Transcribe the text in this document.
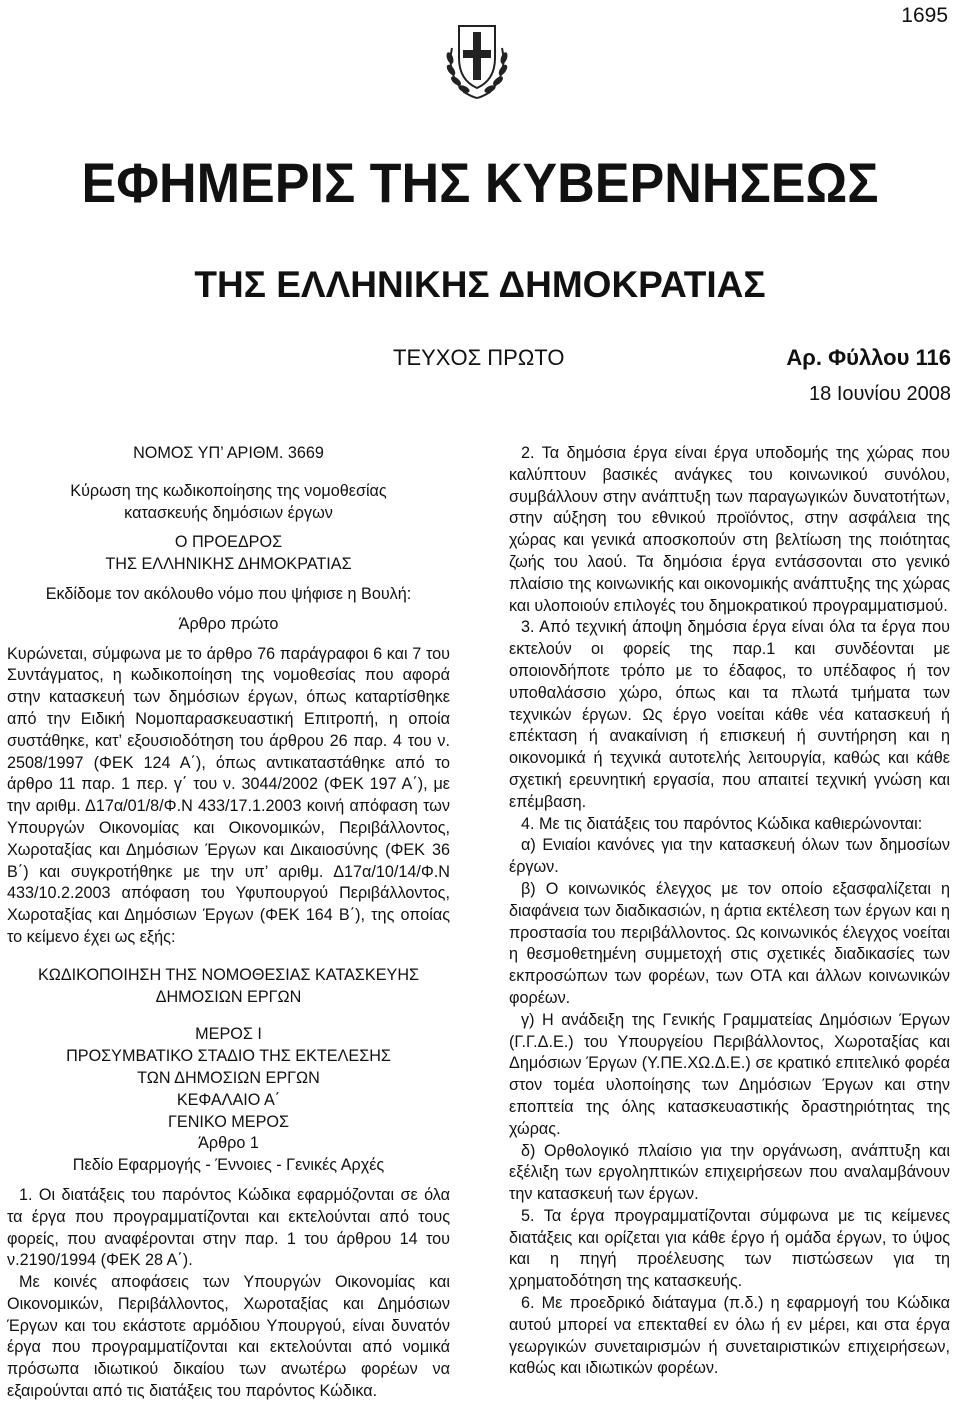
1695
ΕΦΗΜΕΡΙΣ ΤΗΣ ΚΥΒΕΡΝΗΣΕΩΣ
ΤΗΣ ΕΛΛΗΝΙΚΗΣ ΔΗΜΟΚΡΑΤΙΑΣ
ΤΕΥΧΟΣ ΠΡΩΤΟ	Αρ. Φύλλου 116
18 Ιουνίου 2008

ΝΟΜΟΣ ΥΠ’ ΑΡΙΘΜ. 3669

Κύρωση της κωδικοποίησης της νομοθεσίας κατασκευής δημόσιων έργων

Ο ΠΡΟΕΔΡΟΣ

ΤΗΣ ΕΛΛΗΝΙΚΗΣ ΔΗΜΟΚΡΑΤΙΑΣ

Εκδίδομε τον ακόλουθο νόμο που ψήφισε η Βουλή:

Άρθρο πρώτο

Κυρώνεται, σύμφωνα με το άρθρο 76 παράγραφοι 6 και 7 του Συντάγματος, η κωδικοποίηση της νομοθεσίας που αφορά στην κατασκευή των δημόσιων έργων, όπως καταρτίσθηκε από την Ειδική Νομοπαρασκευαστική Επιτροπή, η οποία συστάθηκε, κατ’ εξουσιοδότηση του άρθρου 26 παρ. 4 του ν. 2508/1997 (ΦΕΚ 124 Α΄), όπως αντικαταστάθηκε από το άρθρο 11 παρ. 1 περ. γ΄ του ν. 3044/2002 (ΦΕΚ 197 Α΄), με την αριθμ. Δ17α/01/8/Φ.Ν 433/17.1.2003 κοινή απόφαση των Υπουργών Οικονομίας και Οικονομικών, Περιβάλλοντος, Χωροταξίας και Δημόσιων Έργων και Δικαιοσύνης (ΦΕΚ 36 Β΄) και συγκροτήθηκε με την υπ’ αριθμ. Δ17α/10/14/Φ.Ν 433/10.2.2003 απόφαση του Υφυπουργού Περιβάλλοντος, Χωροταξίας και Δημόσιων Έργων (ΦΕΚ 164 Β΄), της οποίας το κείμενο έχει ως εξής:

ΚΩΔΙΚΟΠΟΙΗΣΗ ΤΗΣ ΝΟΜΟΘΕΣΙΑΣ ΚΑΤΑΣΚΕΥΗΣ

ΔΗΜΟΣΙΩΝ ΕΡΓΩΝ

ΜΕΡΟΣ Ι

ΠΡΟΣΥΜΒΑΤΙΚΟ ΣΤΑΔΙΟ ΤΗΣ ΕΚΤΕΛΕΣΗΣ

ΤΩΝ ΔΗΜΟΣΙΩΝ ΕΡΓΩΝ

ΚΕΦΑΛΑΙΟ Α΄

ΓΕΝΙΚΟ ΜΕΡΟΣ

Άρθρο 1

Πεδίο Εφαρμογής - Έννοιες - Γενικές Αρχές

1. Οι διατάξεις του παρόντος Κώδικα εφαρμόζονται σε όλα τα έργα που προγραμματίζονται και εκτελούνται από τους φορείς, που αναφέρονται στην παρ. 1 του άρθρου 14 του ν.2190/1994 (ΦΕΚ 28 Α΄).

Με κοινές αποφάσεις των Υπουργών Οικονομίας και Οικονομικών, Περιβάλλοντος, Χωροταξίας και Δημόσιων Έργων και του εκάστοτε αρμόδιου Υπουργού, είναι δυνατόν έργα που προγραμματίζονται και εκτελούνται από νομικά πρόσωπα ιδιωτικού δικαίου των ανωτέρω φορέων να εξαιρούνται από τις διατάξεις του παρόντος Κώδικα.

2. Τα δημόσια έργα είναι έργα υποδομής της χώρας που καλύπτουν βασικές ανάγκες του κοινωνικού συνόλου, συμβάλλουν στην ανάπτυξη των παραγωγικών δυνατοτήτων, στην αύξηση του εθνικού προϊόντος, στην ασφάλεια της χώρας και γενικά αποσκοπούν στη βελτίωση της ποιότητας ζωής του λαού. Τα δημόσια έργα εντάσσονται στο γενικό πλαίσιο της κοινωνικής και οικονομικής ανάπτυξης της χώρας και υλοποιούν επιλογές του δημοκρατικού προγραμματισμού.

3. Από τεχνική άποψη δημόσια έργα είναι όλα τα έργα που εκτελούν οι φορείς της παρ.1 και συνδέονται με οποιονδήποτε τρόπο με το έδαφος, το υπέδαφος ή τον υποθαλάσσιο χώρο, όπως και τα πλωτά τμήματα των τεχνικών έργων. Ως έργο νοείται κάθε νέα κατασκευή ή επέκταση ή ανακαίνιση ή επισκευή ή συντήρηση και η οικονομικά ή τεχνικά αυτοτελής λειτουργία, καθώς και κάθε σχετική ερευνητική εργασία, που απαιτεί τεχνική γνώση και επέμβαση.

4. Με τις διατάξεις του παρόντος Κώδικα καθιερώνονται:

α) Ενιαίοι κανόνες για την κατασκευή όλων των δημοσίων έργων.

β) Ο κοινωνικός έλεγχος με τον οποίο εξασφαλίζεται η διαφάνεια των διαδικασιών, η άρτια εκτέλεση των έργων και η προστασία του περιβάλλοντος. Ως κοινωνικός έλεγχος νοείται η θεσμοθετημένη συμμετοχή στις σχετικές διαδικασίες των εκπροσώπων των φορέων, των ΟΤΑ και άλλων κοινωνικών φορέων.

γ) Η ανάδειξη της Γενικής Γραμματείας Δημόσιων Έργων (Γ.Γ.Δ.Ε.) του Υπουργείου Περιβάλλοντος, Χωροταξίας και Δημόσιων Έργων (Υ.ΠΕ.ΧΩ.Δ.Ε.) σε κρατικό επιτελικό φορέα στον τομέα υλοποίησης των Δημόσιων Έργων και στην εποπτεία της όλης κατασκευαστικής δραστηριότητας της χώρας.

δ) Ορθολογικό πλαίσιο για την οργάνωση, ανάπτυξη και εξέλιξη των εργοληπτικών επιχειρήσεων που αναλαμβάνουν την κατασκευή των έργων.

5. Τα έργα προγραμματίζονται σύμφωνα με τις κείμενες διατάξεις και ορίζεται για κάθε έργο ή ομάδα έργων, το ύψος και η πηγή προέλευσης των πιστώσεων για τη χρηματοδότηση της κατασκευής.

6. Με προεδρικό διάταγμα (π.δ.) η εφαρμογή του Κώδικα αυτού μπορεί να επεκταθεί εν όλω ή εν μέρει, και στα έργα γεωργικών συνεταιρισμών ή συνεταιριστικών επιχειρήσεων, καθώς και ιδιωτικών φορέων.
